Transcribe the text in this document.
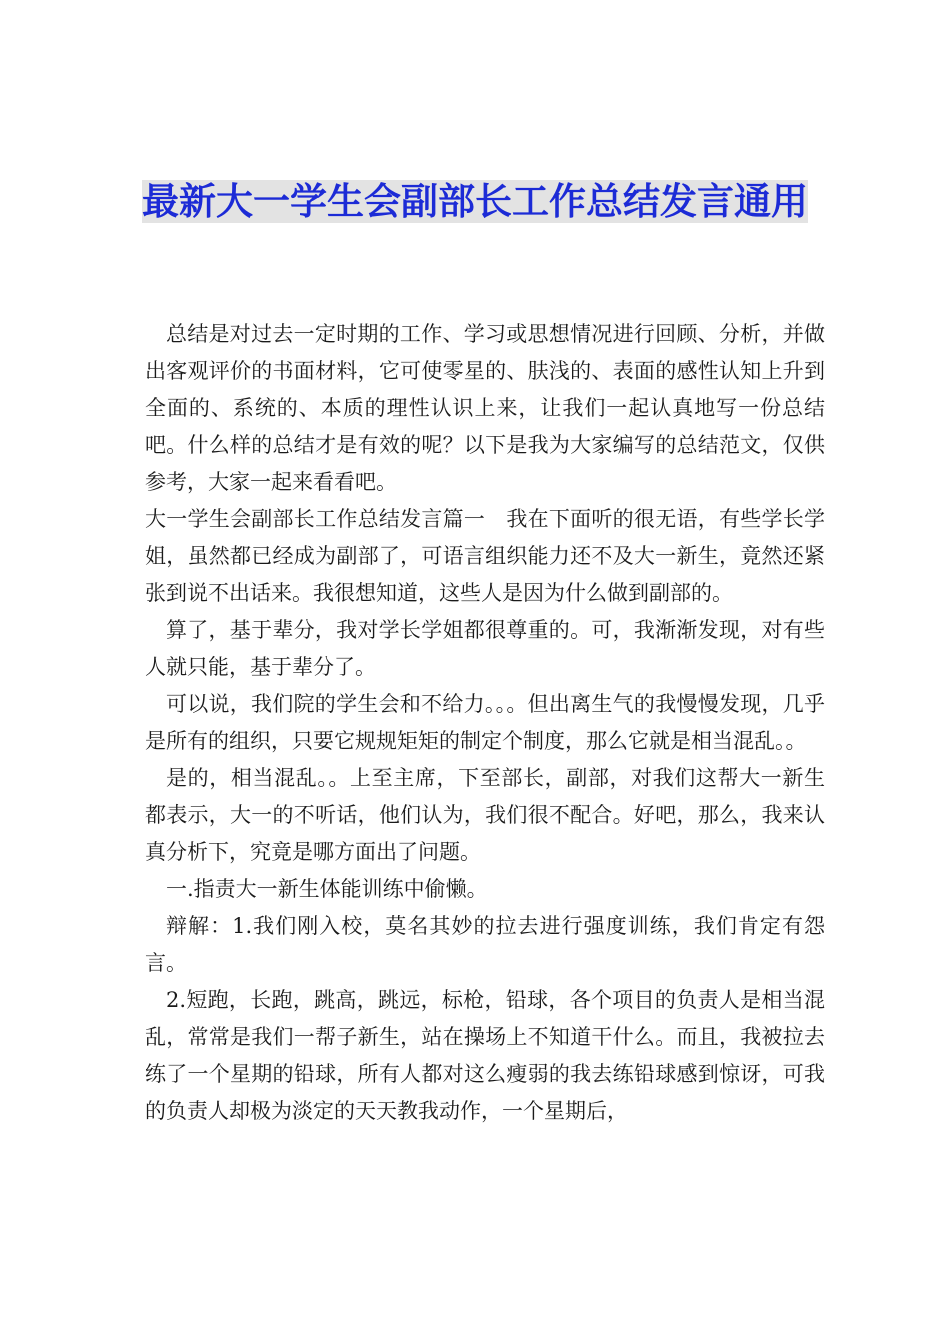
最新大一学生会副部长工作总结发言通用

总结是对过去一定时期的工作、学习或思想情况进行回顾、分析，并做出客观评价的书面材料，它可使零星的、肤浅的、表面的感性认知上升到全面的、系统的、本质的理性认识上来，让我们一起认真地写一份总结吧。什么样的总结才是有效的呢？以下是我为大家编写的总结范文，仅供参考，大家一起来看看吧。

大一学生会副部长工作总结发言篇一　我在下面听的很无语，有些学长学姐，虽然都已经成为副部了，可语言组织能力还不及大一新生，竟然还紧张到说不出话来。我很想知道，这些人是因为什么做到副部的。

算了，基于辈分，我对学长学姐都很尊重的。可，我渐渐发现，对有些人就只能，基于辈分了。

可以说，我们院的学生会和不给力。。。但出离生气的我慢慢发现，几乎是所有的组织，只要它规规矩矩的制定个制度，那么它就是相当混乱。。

是的，相当混乱。。上至主席，下至部长，副部，对我们这帮大一新生都表示，大一的不听话，他们认为，我们很不配合。好吧，那么，我来认真分析下，究竟是哪方面出了问题。

一.指责大一新生体能训练中偷懒。

辩解：1.我们刚入校，莫名其妙的拉去进行强度训练，我们肯定有怨言。

2.短跑，长跑，跳高，跳远，标枪，铅球，各个项目的负责人是相当混乱，常常是我们一帮子新生，站在操场上不知道干什么。而且，我被拉去练了一个星期的铅球，所有人都对这么瘦弱的我去练铅球感到惊讶，可我的负责人却极为淡定的天天教我动作，一个星期后，
